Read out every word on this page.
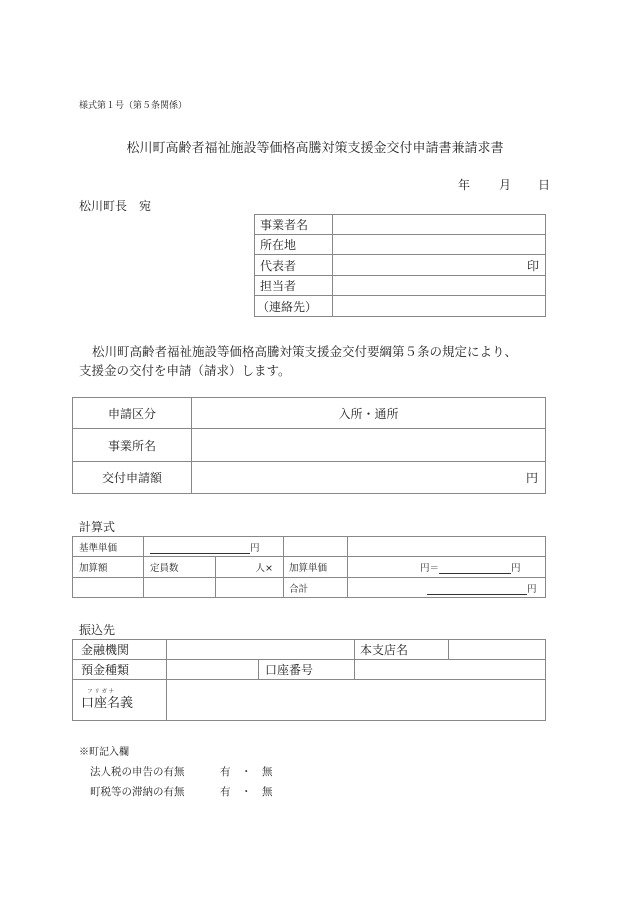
様式第１号（第５条関係）
松川町高齢者福祉施設等価格高騰対策支援金交付申請書兼請求書
年 月 日
松川町長　宛
事業者名	
所在地	
代表者	印
担当者	
（連絡先）	
松川町高齢者福祉施設等価格高騰対策支援金交付要綱第５条の規定により、
支援金の交付を申請（請求）します。
申請区分	入所・通所
事業所名	
交付申請額	円
計算式
基準単価	円			
加算額	定員数	人×	加算単価	円＝ 円
			合計	円
振込先
金融機関			本支店名	
預金種類		口座番号		

フ リ ガ ナ
口座名義				

※町記入欄
法人税の申告の有無	有　・　無
町税等の滞納の有無	有　・　無
